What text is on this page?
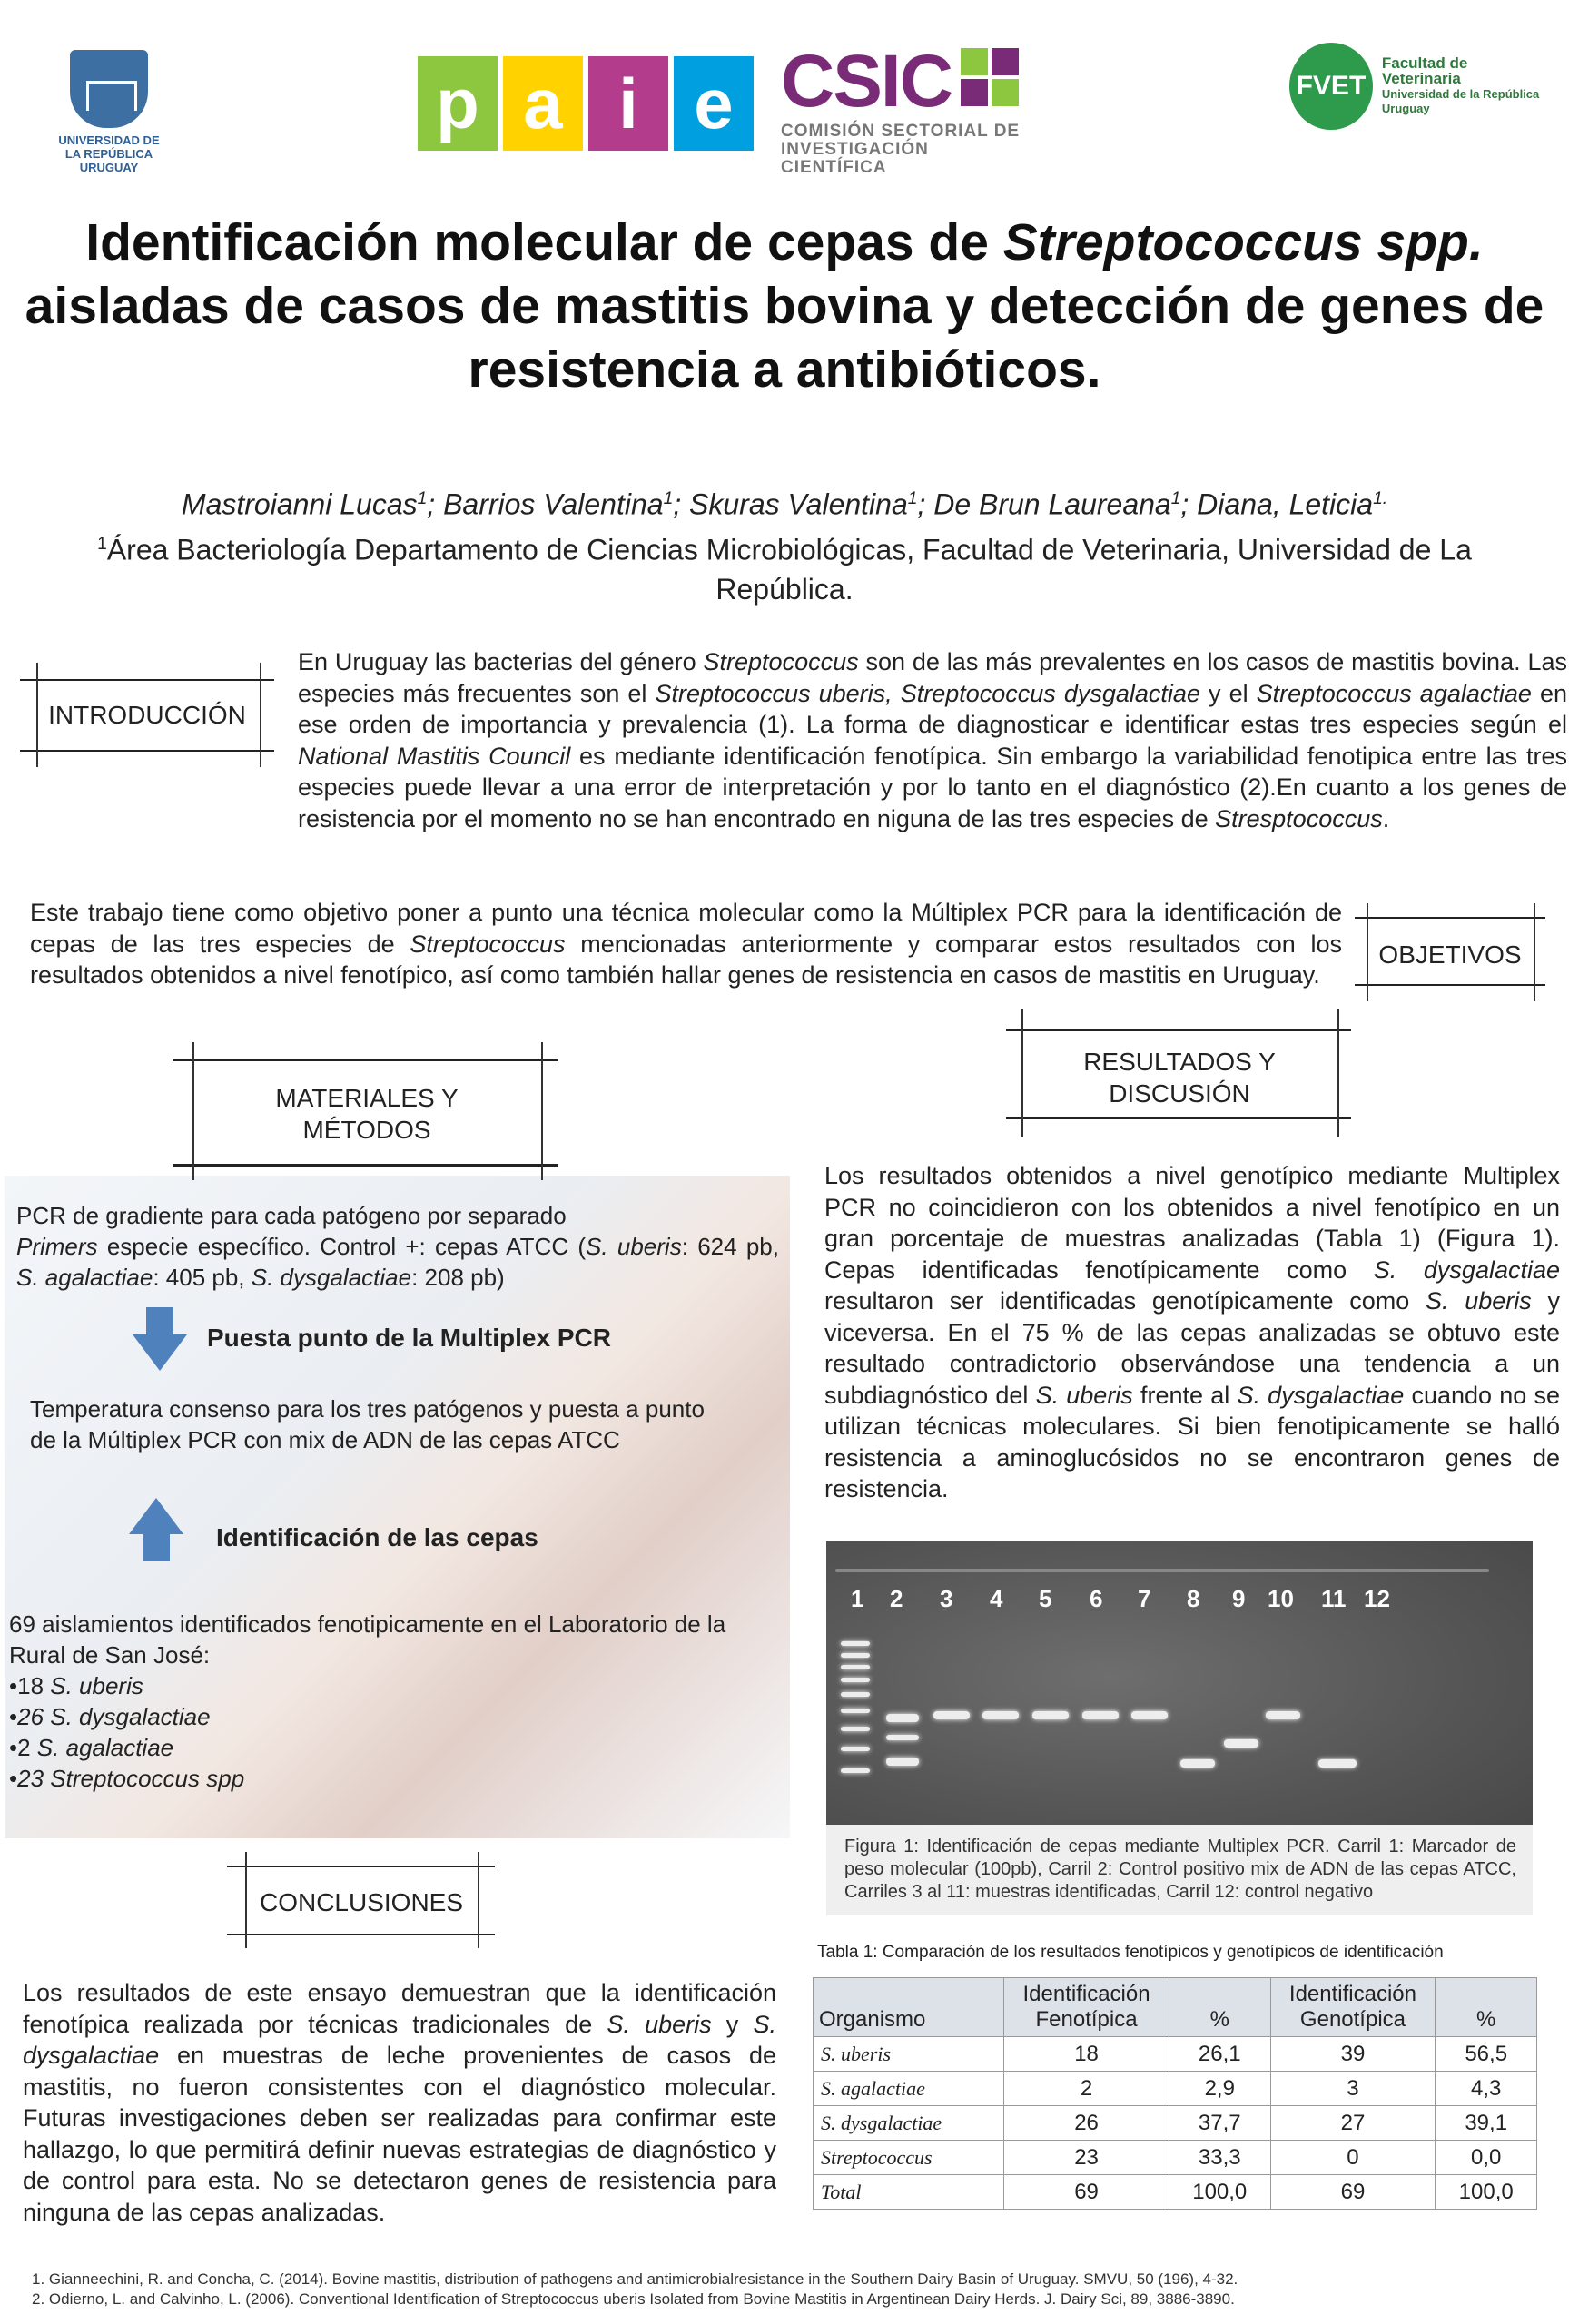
UNIVERSIDAD DE LA REPÚBLICA URUGUAY
p a i e CSIC
COMISIÓN SECTORIAL DE
INVESTIGACIÓN CIENTÍFICA
FVET
Facultad de Veterinaria
Universidad de la República
Uruguay
Identificación molecular de cepas de Streptococcus spp.
aisladas de casos de mastitis bovina y detección de genes de
resistencia a antibióticos.
Mastroianni Lucas$^1$; Barrios Valentina$^1$; Skuras Valentina$^1$; De Brun Laureana$^1$; Diana, Leticia$^{1.}$
$^1$Área Bacteriología Departamento de Ciencias Microbiológicas, Facultad de Veterinaria, Universidad de La
República.
INTRODUCCIÓN
En Uruguay las bacterias del género Streptococcus son de las más prevalentes en los casos de mastitis bovina. Las especies más frecuentes son el Streptococcus uberis, Streptococcus dysgalactiae y el Streptococcus agalactiae en ese orden de importancia y prevalencia (1). La forma de diagnosticar e identificar estas tres especies según el National Mastitis Council es mediante identificación fenotípica. Sin embargo la variabilidad fenotipica entre las tres especies puede llevar a una error de interpretación y por lo tanto en el diagnóstico (2).En cuanto a los genes de resistencia por el momento no se han encontrado en niguna de las tres especies de Stresptococcus.
Este trabajo tiene como objetivo poner a punto una técnica molecular como la Múltiplex PCR para la identificación de cepas de las tres especies de Streptococcus mencionadas anteriormente y comparar estos resultados con los resultados obtenidos a nivel fenotípico, así como también hallar genes de resistencia en casos de mastitis en Uruguay.
OBJETIVOS
MATERIALES Y
MÉTODOS
PCR de gradiente para cada patógeno por separado
Primers especie específico. Control +: cepas ATCC (S. uberis: 624 pb, S. agalactiae: 405 pb, S. dysgalactiae: 208 pb)
Puesta punto de la Multiplex PCR
Temperatura consenso para los tres patógenos y puesta a punto de la Múltiplex PCR con mix de ADN de las cepas ATCC
Identificación de las cepas
69 aislamientos identificados fenotipicamente en el Laboratorio de la Rural de San José:
•18 S. uberis
•26 S. dysgalactiae
•2 S. agalactiae
•23 Streptococcus spp
CONCLUSIONES
Los resultados de este ensayo demuestran que la identificación fenotípica realizada por técnicas tradicionales de S. uberis y S. dysgalactiae en muestras de leche provenientes de casos de mastitis, no fueron consistentes con el diagnóstico molecular. Futuras investigaciones deben ser realizadas para confirmar este hallazgo, lo que permitirá definir nuevas estrategias de diagnóstico y de control para esta. No se detectaron genes de resistencia para ninguna de las cepas analizadas.
RESULTADOS Y
DISCUSIÓN
Los resultados obtenidos a nivel genotípico mediante Multiplex PCR no coincidieron con los obtenidos a nivel fenotípico en un gran porcentaje de muestras analizadas (Tabla 1) (Figura 1). Cepas identificadas fenotípicamente como S. dysgalactiae resultaron ser identificadas genotípicamente como S. uberis y viceversa. En el 75 % de las cepas analizadas se obtuvo este resultado contradictorio observándose una tendencia a un subdiagnóstico del S. uberis frente al S. dysgalactiae cuando no se utilizan técnicas moleculares. Si bien fenotipicamente se halló resistencia a aminoglucósidos no se encontraron genes de resistencia.
1 2 3 4 5 6 7 8 9 10 11 12
Figura 1: Identificación de cepas mediante Multiplex PCR. Carril 1: Marcador de peso molecular (100pb), Carril 2: Control positivo mix de ADN de las cepas ATCC, Carriles 3 al 11: muestras identificadas, Carril 12: control negativo
Tabla 1: Comparación de los resultados fenotípicos y genotípicos de identificación
Organismo	Identificación Fenotípica	%	Identificación Genotípica	%
S. uberis	18	26,1	39	56,5
S. agalactiae	2	2,9	3	4,3
S. dysgalactiae	26	37,7	27	39,1
Streptococcus	23	33,3	0	0,0
Total	69	100,0	69	100,0
1. Gianneechini, R. and Concha, C. (2014). Bovine mastitis, distribution of pathogens and antimicrobialresistance in the Southern Dairy Basin of Uruguay. SMVU, 50 (196), 4-32.
2. Odierno, L. and Calvinho, L. (2006). Conventional Identification of Streptococcus uberis Isolated from Bovine Mastitis in Argentinean Dairy Herds. J. Dairy Sci, 89, 3886-3890.
